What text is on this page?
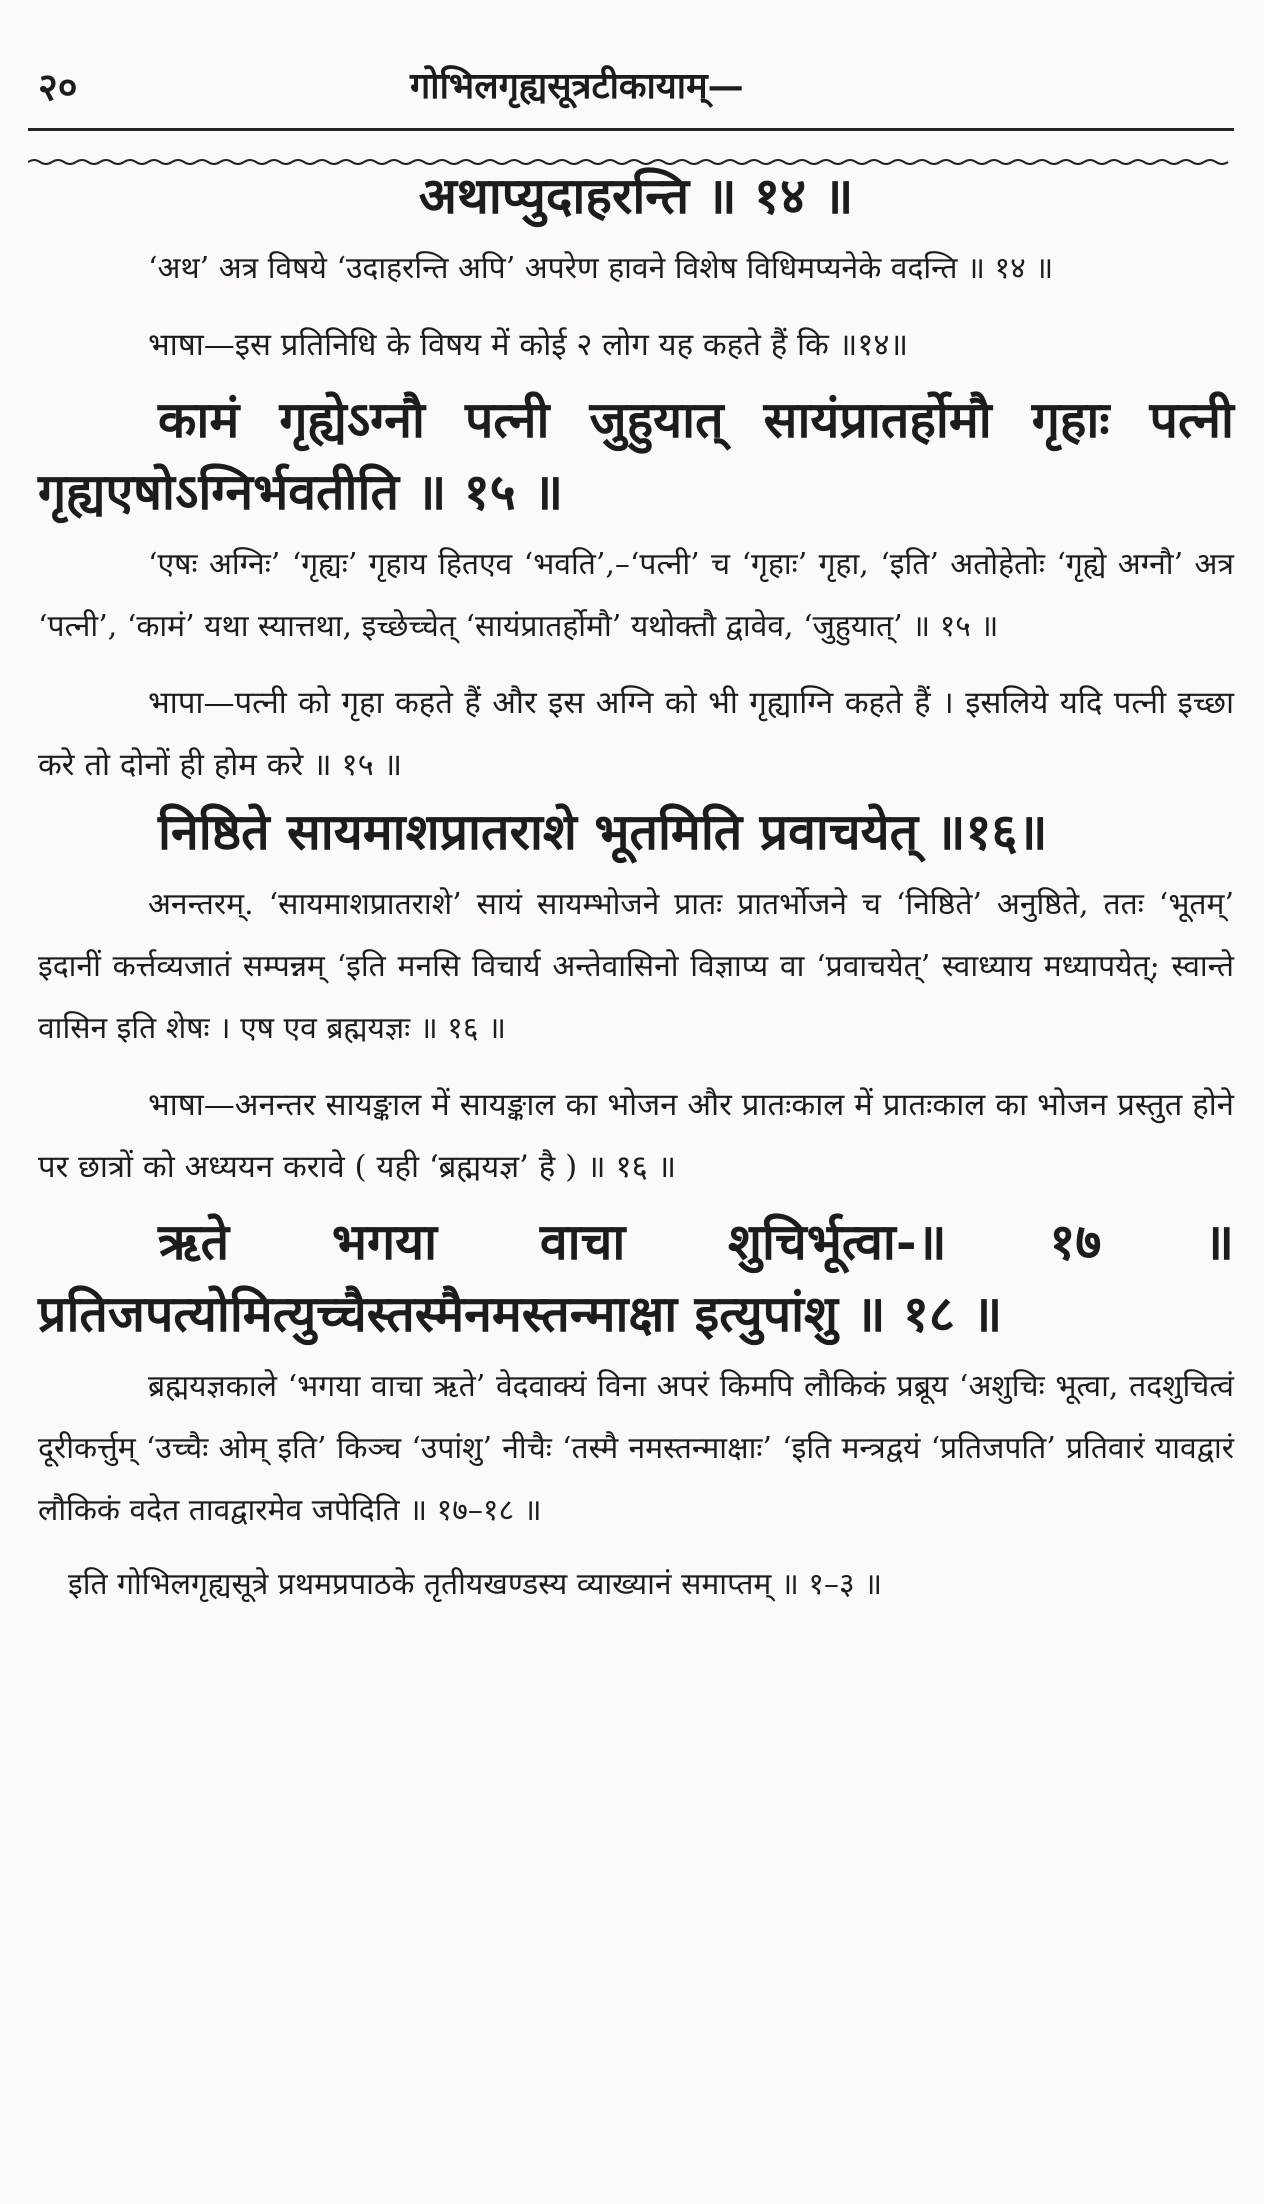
२०	गोभिलगृह्यसूत्रटीकायाम्—

अथाप्युदाहरन्ति ॥ १४ ॥

‘अथ’ अत्र विषये ‘उदाहरन्ति अपि’ अपरेण हावने विशेष विधिमप्यनेके वदन्ति ॥ १४ ॥

भाषा—इस प्रतिनिधि के विषय में कोई २ लोग यह कहते हैं कि ॥१४॥

कामं गृह्येऽग्नौ पत्नी जुहुयात् सायंप्रातर्होमौ गृहाः पत्नी गृह्यएषोऽग्निर्भवतीति ॥ १५ ॥

‘एषः अग्निः’ ‘गृह्यः’ गृहाय हितएव ‘भवति’,–‘पत्नी’ च ‘गृहाः’ गृहा, ‘इति’ अतोहेतोः ‘गृह्ये अग्नौ’ अत्र ‘पत्नी’, ‘कामं’ यथा स्यात्तथा, इच्छेच्चेत् ‘सायंप्रातर्होमौ’ यथोक्तौ द्वावेव, ‘जुहुयात्’ ॥ १५ ॥

भापा—पत्नी को गृहा कहते हैं और इस अग्नि को भी गृह्याग्नि कहते हैं । इसलिये यदि पत्नी इच्छा करे तो दोनों ही होम करे ॥ १५ ॥

निष्ठिते सायमाशप्रातराशे भूतमिति प्रवाचयेत् ॥१६॥

अनन्तरम्. ‘सायमाशप्रातराशे’ सायं सायम्भोजने प्रातः प्रातर्भोजने च ‘निष्ठिते’ अनुष्ठिते, ततः ‘भूतम्’ इदानीं कर्त्तव्यजातं सम्पन्नम् ‘इति मनसि विचार्य अन्तेवासिनो विज्ञाप्य वा ‘प्रवाचयेत्’ स्वाध्याय मध्यापयेत्; स्वान्ते वासिन इति शेषः । एष एव ब्रह्मयज्ञः ॥ १६ ॥

भाषा—अनन्तर सायङ्काल में सायङ्काल का भोजन और प्रातःकाल में प्रातःकाल का भोजन प्रस्तुत होने पर छात्रों को अध्ययन करावे ( यही ‘ब्रह्मयज्ञ’ है ) ॥ १६ ॥

ऋते भगया वाचा शुचिर्भूत्वा-॥ १७ ॥ प्रतिजपत्योमित्युच्चैस्तस्मैनमस्तन्माक्षा इत्युपांशु ॥ १८ ॥

ब्रह्मयज्ञकाले ‘भगया वाचा ऋते’ वेदवाक्यं विना अपरं किमपि लौकिकं प्रब्रूय ‘अशुचिः भूत्वा, तदशुचित्वं दूरीकर्त्तुम् ‘उच्चैः ओम् इति’ किञ्च ‘उपांशु’ नीचैः ‘तस्मै नमस्तन्माक्षाः’ ‘इति मन्त्रद्वयं ‘प्रतिजपति’ प्रतिवारं यावद्वारं लौकिकं वदेत तावद्वारमेव जपेदिति ॥ १७–१८ ॥

इति गोभिलगृह्यसूत्रे प्रथमप्रपाठके तृतीयखण्डस्य व्याख्यानं समाप्तम् ॥ १–३ ॥
